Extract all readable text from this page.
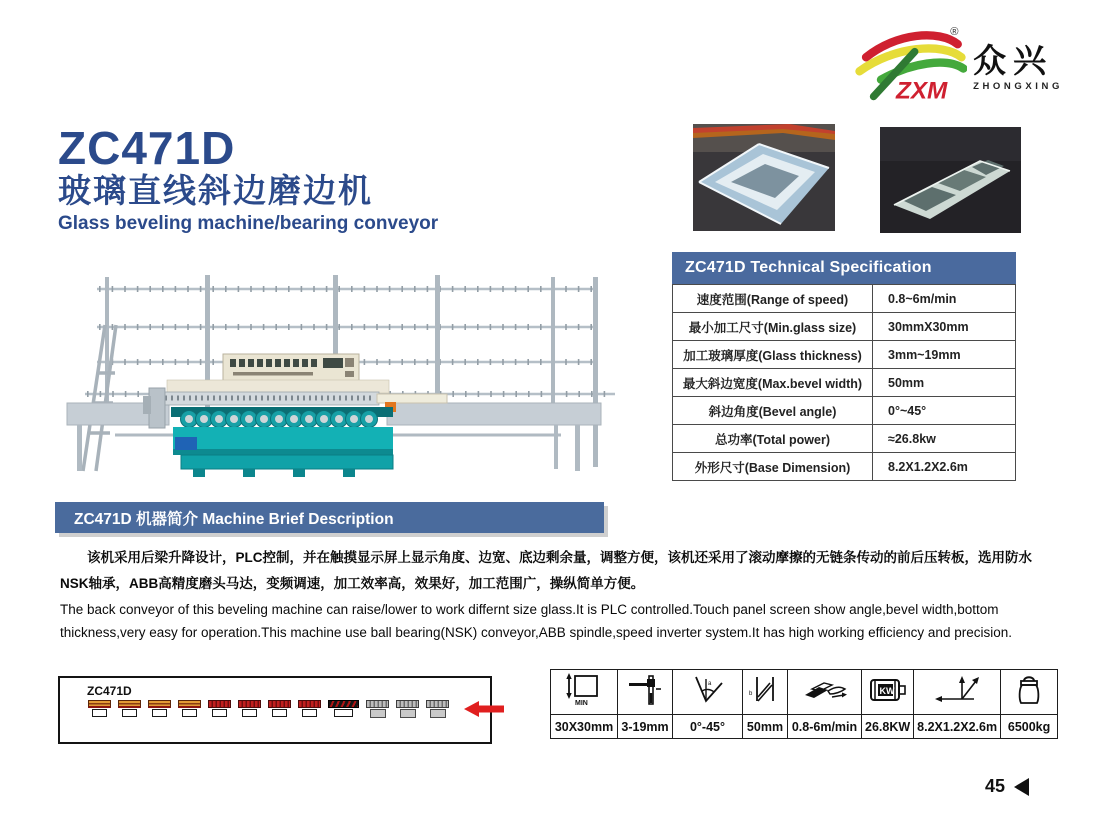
ZXM
®
众兴
ZHONGXING
ZC471D
玻璃直线斜边磨边机
Glass beveling machine/bearing conveyor
ZC471D Technical Specification
速度范围(Range of speed)	0.8~6m/min
最小加工尺寸(Min.glass size)	30mmX30mm
加工玻璃厚度(Glass thickness)	3mm~19mm
最大斜边宽度(Max.bevel width)	50mm
斜边角度(Bevel angle)	0°~45°
总功率(Total power)	≈26.8kw
外形尺寸(Base Dimension)	8.2X1.2X2.6m
ZC471D 机器简介 Machine Brief Description
该机采用后梁升降设计，PLC控制，并在触摸显示屏上显示角度、边宽、底边剩余量，调整方便，该机还采用了滚动摩擦的无链条传动的前后压转板，选用防水NSK轴承，ABB高精度磨头马达，变频调速，加工效率高，效果好，加工范围广，操纵简单方便。
The back conveyor of this beveling machine can raise/lower to work differnt size glass.It is PLC controlled.Touch panel screen show angle,bevel width,bottom thickness,very easy for operation.This machine use ball bearing(NSK) conveyor,ABB spindle,speed inverter system.It has high working efficiency and precision.
ZC471D
MIN		a	b		KW

30X30mm	3-19mm	0°-45°	50mm	0.8-6m/min	26.8KW	8.2X1.2X2.6m	6500kg
45
